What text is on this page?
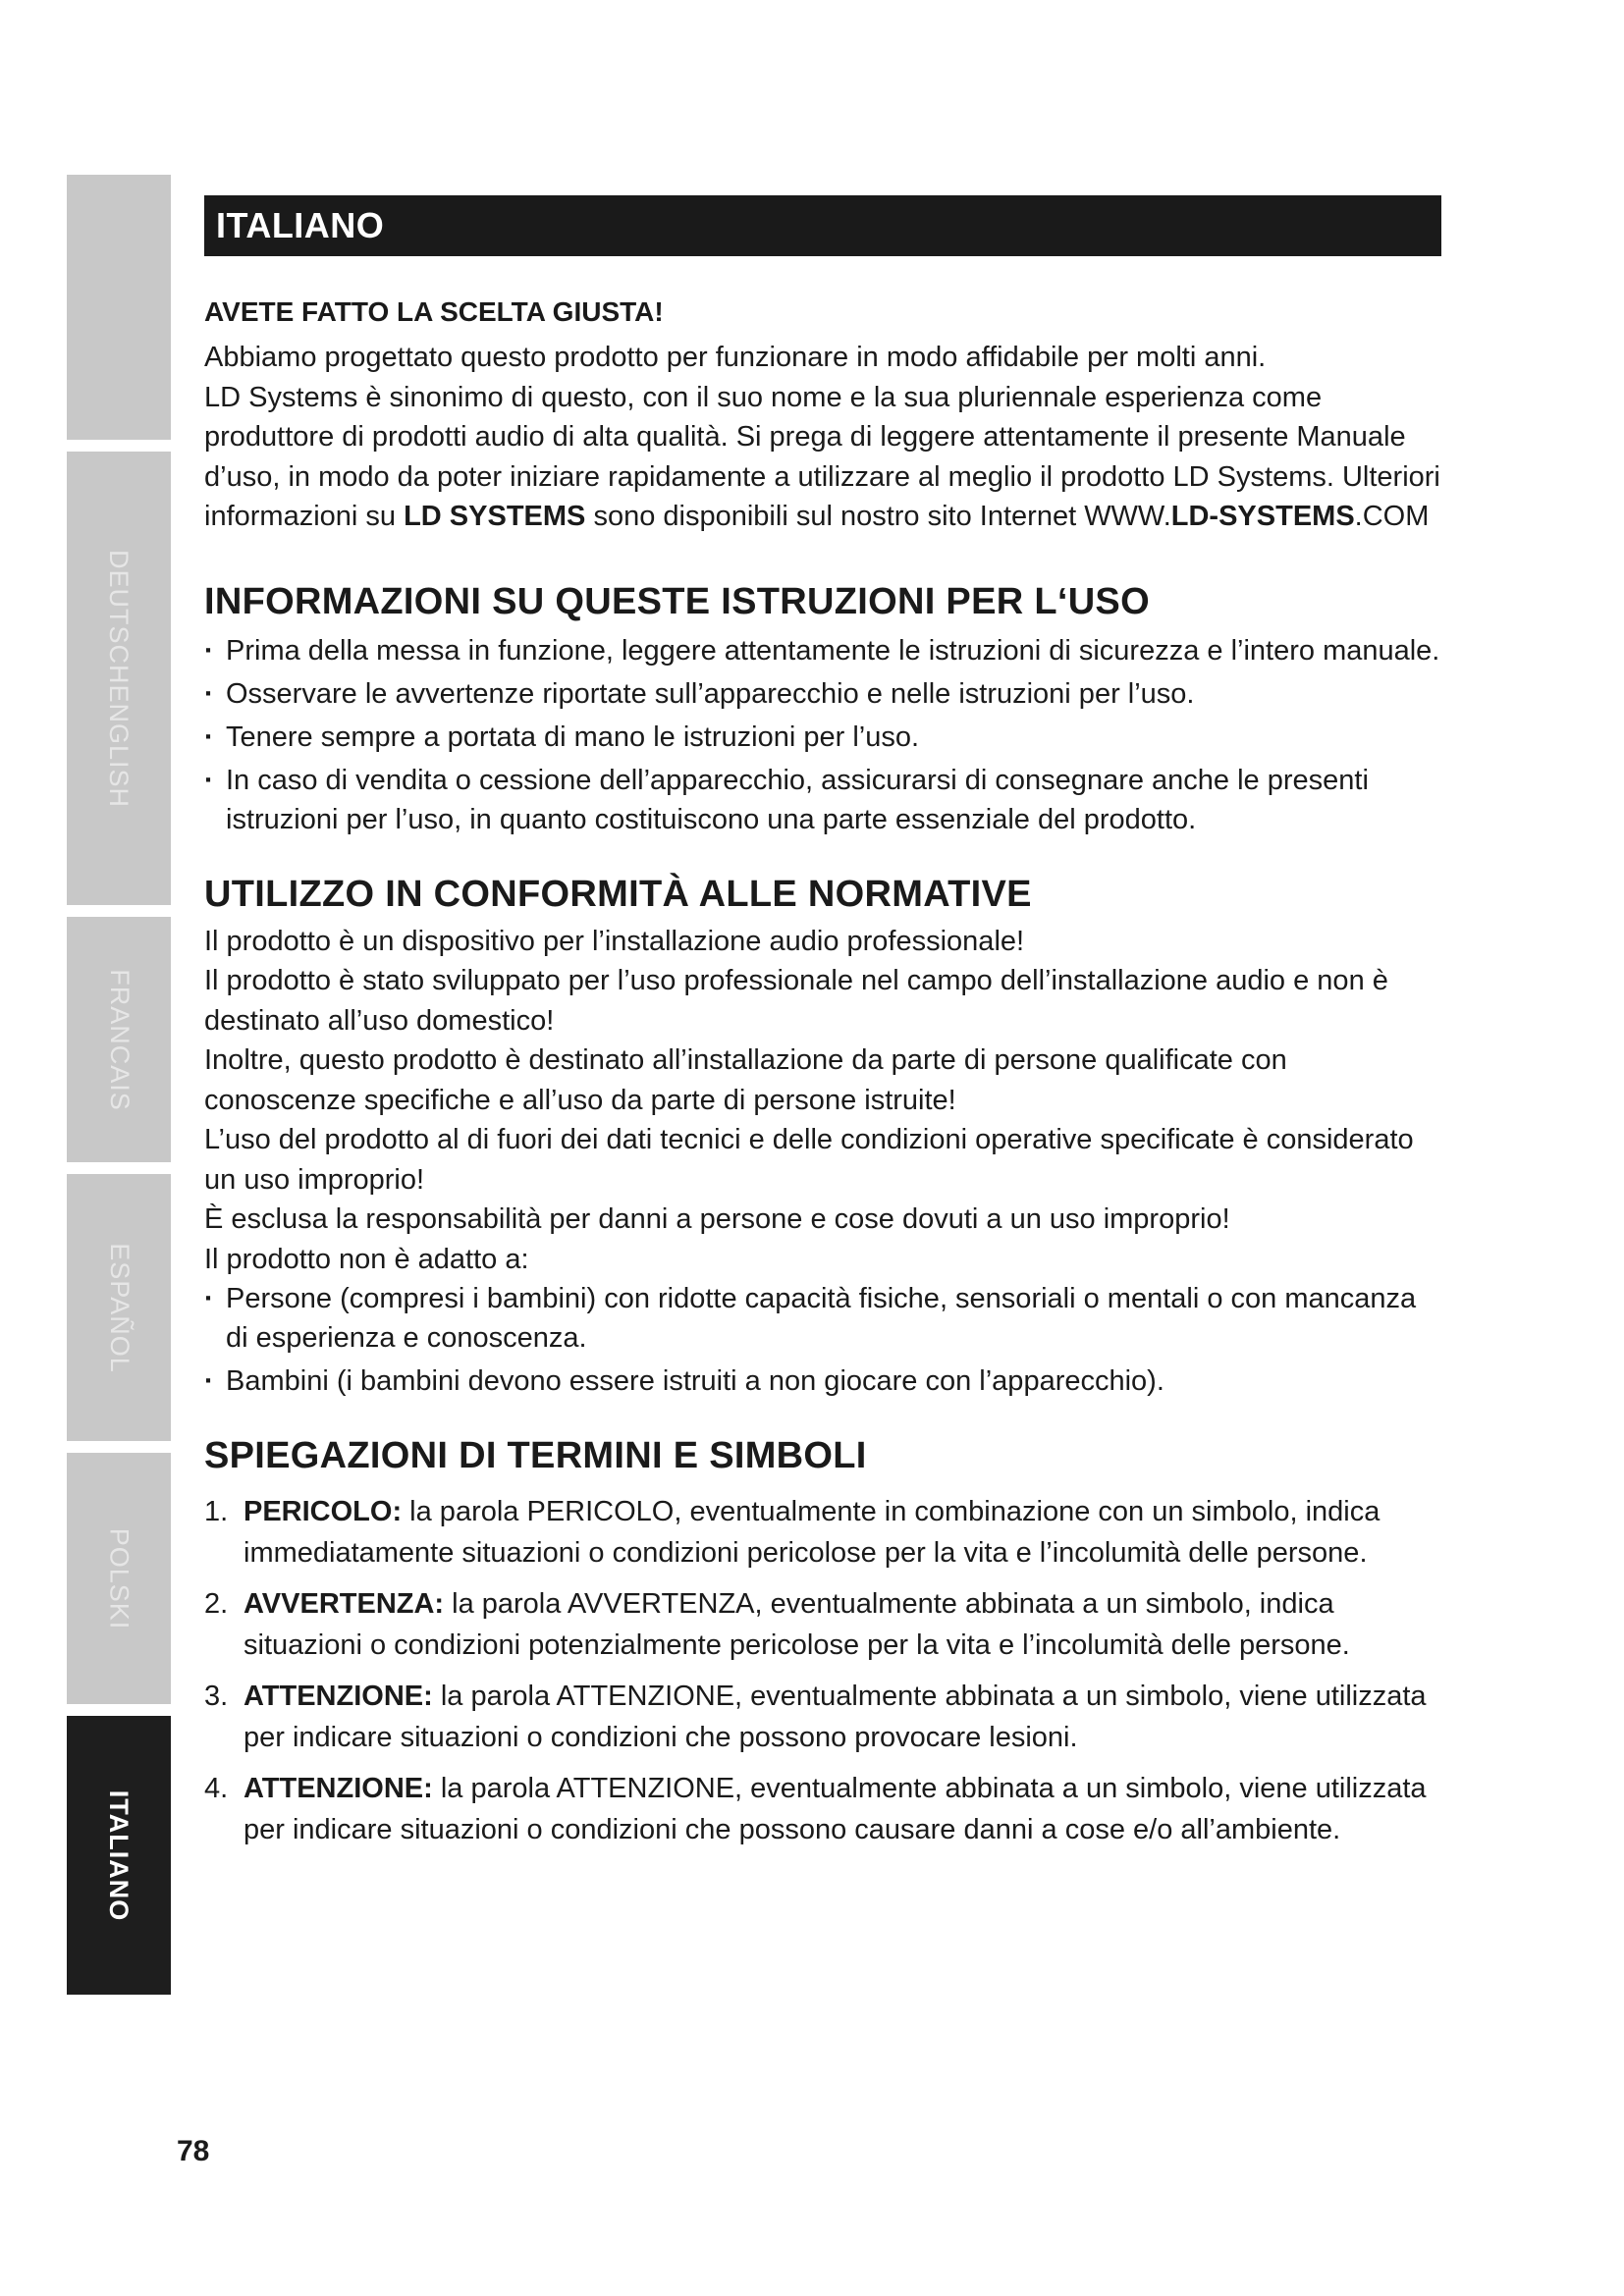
DEUTSCHENGLISH
FRANCAIS
ESPAÑOL
POLSKI
ITALIANO
ITALIANO
AVETE FATTO LA SCELTA GIUSTA!

Abbiamo progettato questo prodotto per funzionare in modo affidabile per molti anni.

LD Systems è sinonimo di questo, con il suo nome e la sua pluriennale esperienza come produttore di prodotti audio di alta qualità. Si prega di leggere attentamente il presente Manuale d’uso, in modo da poter iniziare rapidamente a utilizzare al meglio il prodotto LD Systems. Ulteriori informazioni su LD SYSTEMS sono disponibili sul nostro sito Internet WWW.LD-SYSTEMS.COM

INFORMAZIONI SU QUESTE ISTRUZIONI PER L‘USO
· Prima della messa in funzione, leggere attentamente le istruzioni di sicurezza e l’intero manuale.
· Osservare le avvertenze riportate sull’apparecchio e nelle istruzioni per l’uso.
· Tenere sempre a portata di mano le istruzioni per l’uso.
· In caso di vendita o cessione dell’apparecchio, assicurarsi di consegnare anche le presenti istruzioni per l’uso, in quanto costituiscono una parte essenziale del prodotto.
UTILIZZO IN CONFORMITÀ ALLE NORMATIVE

Il prodotto è un dispositivo per l’installazione audio professionale!

Il prodotto è stato sviluppato per l’uso professionale nel campo dell’installazione audio e non è destinato all’uso domestico!

Inoltre, questo prodotto è destinato all’installazione da parte di persone qualificate con conoscenze specifiche e all’uso da parte di persone istruite!

L’uso del prodotto al di fuori dei dati tecnici e delle condizioni operative specificate è considerato un uso improprio!

È esclusa la responsabilità per danni a persone e cose dovuti a un uso improprio!

Il prodotto non è adatto a:

· Persone (compresi i bambini) con ridotte capacità fisiche, sensoriali o mentali o con mancanza di esperienza e conoscenza.
· Bambini (i bambini devono essere istruiti a non giocare con l’apparecchio).
SPIEGAZIONI DI TERMINI E SIMBOLI
1. PERICOLO: la parola PERICOLO, eventualmente in combinazione con un simbolo, indica immediatamente situazioni o condizioni pericolose per la vita e l’incolumità delle persone.
2. AVVERTENZA: la parola AVVERTENZA, eventualmente abbinata a un simbolo, indica situazioni o condizioni potenzialmente pericolose per la vita e l’incolumità delle persone.
3. ATTENZIONE: la parola ATTENZIONE, eventualmente abbinata a un simbolo, viene utilizzata per indicare situazioni o condizioni che possono provocare lesioni.
4. ATTENZIONE: la parola ATTENZIONE, eventualmente abbinata a un simbolo, viene utilizzata per indicare situazioni o condizioni che possono causare danni a cose e/o all’ambiente.
78
